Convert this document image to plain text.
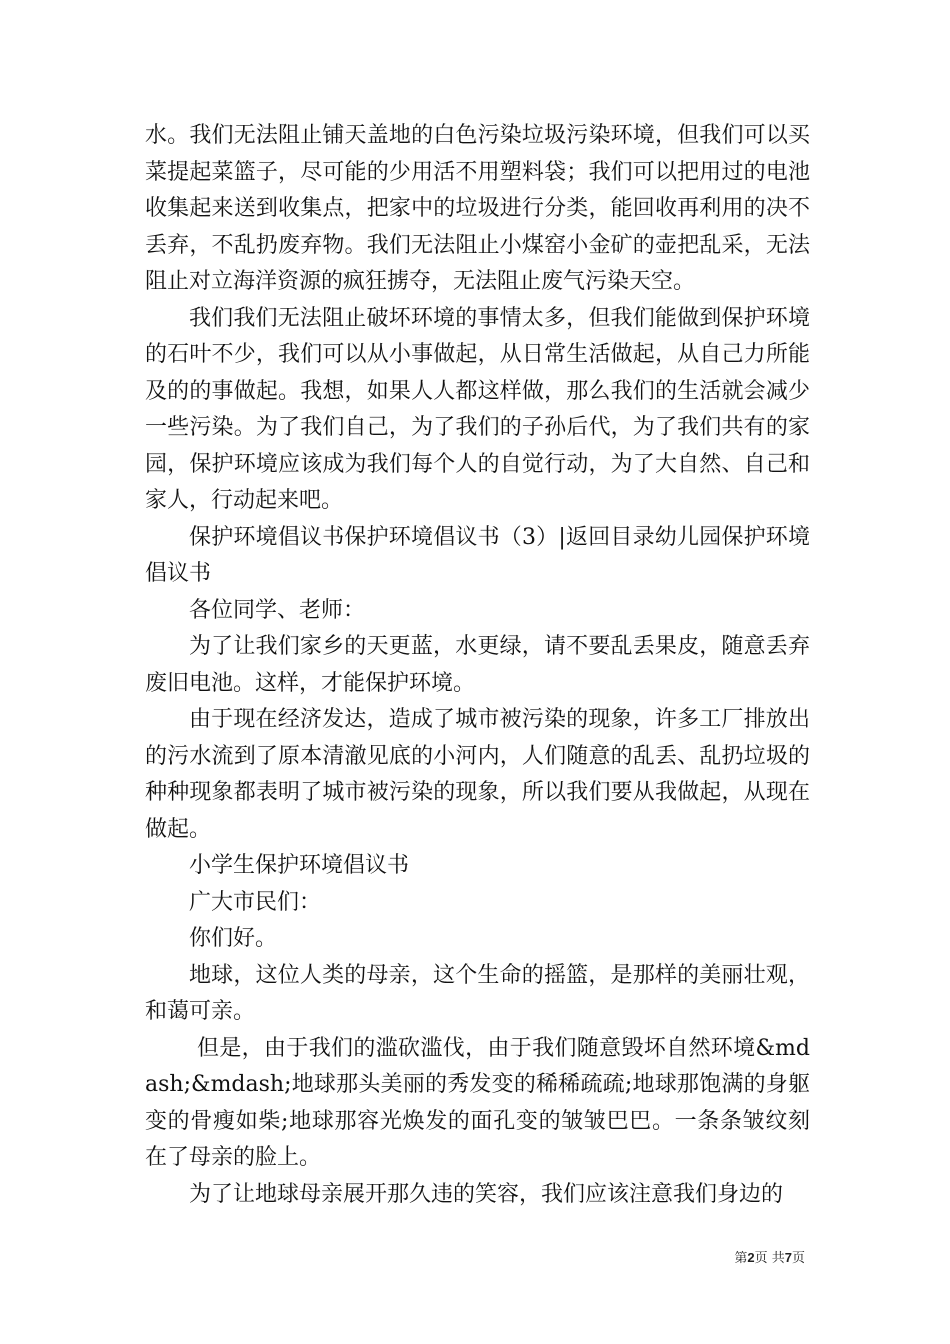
水。我们无法阻止铺天盖地的白色污染垃圾污染环境，但我们可以买菜提起菜篮子，尽可能的少用活不用塑料袋；我们可以把用过的电池收集起来送到收集点，把家中的垃圾进行分类，能回收再利用的决不丢弃，不乱扔废弃物。我们无法阻止小煤窑小金矿的壶把乱采，无法阻止对立海洋资源的疯狂掳夺，无法阻止废气污染天空。

我们我们无法阻止破坏环境的事情太多，但我们能做到保护环境的石叶不少，我们可以从小事做起，从日常生活做起，从自己力所能及的的事做起。我想，如果人人都这样做，那么我们的生活就会减少一些污染。为了我们自己，为了我们的子孙后代，为了我们共有的家园，保护环境应该成为我们每个人的自觉行动，为了大自然、自己和家人，行动起来吧。

保护环境倡议书保护环境倡议书（3）|返回目录幼儿园保护环境倡议书

各位同学、老师：

为了让我们家乡的天更蓝，水更绿，请不要乱丢果皮，随意丢弃废旧电池。这样，才能保护环境。

由于现在经济发达，造成了城市被污染的现象，许多工厂排放出的污水流到了原本清澈见底的小河内，人们随意的乱丢、乱扔垃圾的种种现象都表明了城市被污染的现象，所以我们要从我做起，从现在做起。

小学生保护环境倡议书

广大市民们：

你们好。

地球，这位人类的母亲，这个生命的摇篮，是那样的美丽壮观，和蔼可亲。

但是，由于我们的滥砍滥伐，由于我们随意毁坏自然环境&mdash;&mdash;地球那头美丽的秀发变的稀稀疏疏;地球那饱满的身躯变的骨瘦如柴;地球那容光焕发的面孔变的皱皱巴巴。一条条皱纹刻在了母亲的脸上。

为了让地球母亲展开那久违的笑容，我们应该注意我们身边的

第2页 共7页
